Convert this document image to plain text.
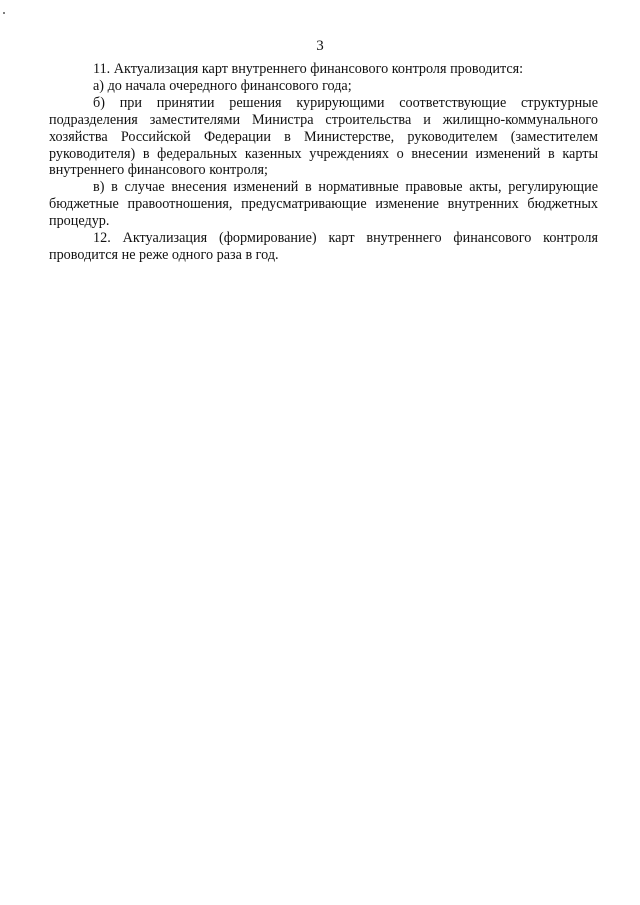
3

11. Актуализация карт внутреннего финансового контроля проводится:

а) до начала очередного финансового года;

б) при принятии решения курирующими соответствующие структурные подразделения заместителями Министра строительства и жилищно-коммунального хозяйства Российской Федерации в Министерстве, руководителем (заместителем руководителя) в федеральных казенных учреждениях о внесении изменений в карты внутреннего финансового контроля;

в) в случае внесения изменений в нормативные правовые акты, регулирующие бюджетные правоотношения, предусматривающие изменение внутренних бюджетных процедур.

12. Актуализация (формирование) карт внутреннего финансового контроля проводится не реже одного раза в год.
